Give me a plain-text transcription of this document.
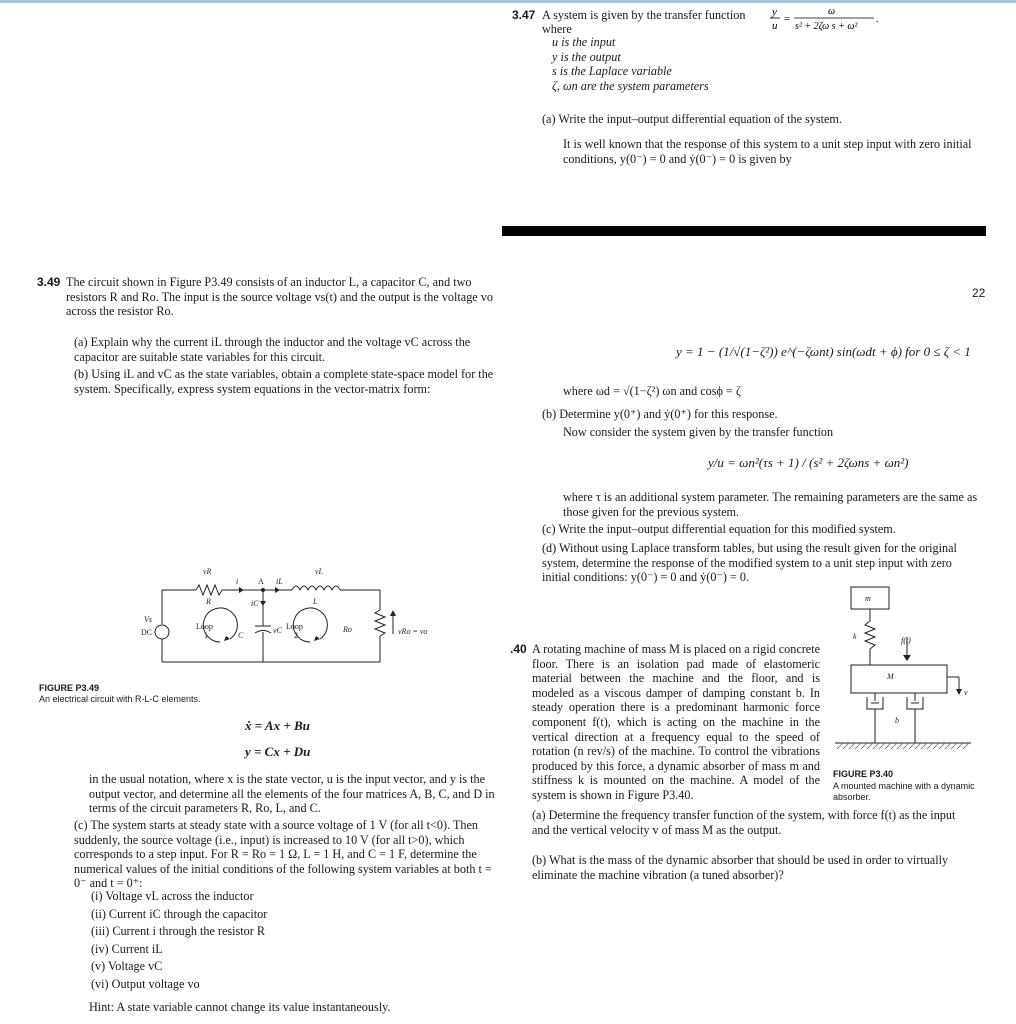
3.47 A system is given by the transfer function y
u
=
ω
s² + 2ζω s + ω²
.
where
u is the input
y is the output
s is the Laplace variable
ζ, ωn are the system parameters
(a) Write the input–output differential equation of the system.
It is well known that the response of this system to a unit step input with zero initial conditions, y(0⁻) = 0 and ẏ(0⁻) = 0 is given by
22
y = 1 − (1/√(1−ζ²)) e^(−ζωnt) sin(ωdt + ϕ) for 0 ≤ ζ < 1
where ωd = √(1−ζ²) ωn and cosϕ = ζ
(b) Determine y(0⁺) and ẏ(0⁺) for this response.
Now consider the system given by the transfer function
y/u = ωn²(τs + 1) / (s² + 2ζωns + ωn²)
where τ is an additional system parameter. The remaining parameters are the same as those given for the previous system.
(c) Write the input–output differential equation for this modified system.
(d) Without using Laplace transform tables, but using the result given for the original system, determine the response of the modified system to a unit step input with zero initial conditions: y(0⁻) = 0 and ẏ(0⁻) = 0.
3.49 The circuit shown in Figure P3.49 consists of an inductor L, a capacitor C, and two resistors R and Ro. The input is the source voltage vs(t) and the output is the voltage vo across the resistor Ro.
(a) Explain why the current iL through the inductor and the voltage vC across the capacitor are suitable state variables for this circuit.
(b) Using iL and vC as the state variables, obtain a complete state-space model for the system. Specifically, express system equations in the vector-matrix form:
vR
i A iL
vL
R	L
iC
Vs
DC
Loop
1	C
vC Loop
2
Ro	vRo = vo
FIGURE P3.49
An electrical circuit with R-L-C elements.
ẋ = Ax + Bu
y = Cx + Du
in the usual notation, where x is the state vector, u is the input vector, and y is the output vector, and determine all the elements of the four matrices A, B, C, and D in terms of the circuit parameters R, Ro, L, and C.
(c) The system starts at steady state with a source voltage of 1 V (for all t<0). Then suddenly, the source voltage (i.e., input) is increased to 10 V (for all t>0), which corresponds to a step input. For R = Ro = 1 Ω, L = 1 H, and C = 1 F, determine the numerical values of the initial conditions of the following system variables at both t = 0⁻ and t = 0⁺:
(i) Voltage vL across the inductor
(ii) Current iC through the capacitor
(iii) Current i through the resistor R
(iv) Current iL
(v) Voltage vC
(vi) Output voltage vo
Hint: A state variable cannot change its value instantaneously.
.40 A rotating machine of mass M is placed on a rigid concrete floor. There is an isolation pad made of elastomeric material between the machine and the floor, and is modeled as a viscous damper of damping constant b. In steady operation there is a predominant harmonic force component f(t), which is acting on the machine in the vertical direction at a frequency equal to the speed of rotation (n rev/s) of the machine. To control the vibrations produced by this force, a dynamic absorber of mass m and stiffness k is mounted on the machine. A model of the system is shown in Figure P3.40.
m
k	f(t)
M
v
b
FIGURE P3.40
A mounted machine with a dynamic absorber.
(a) Determine the frequency transfer function of the system, with force f(t) as the input and the vertical velocity v of mass M as the output.
(b) What is the mass of the dynamic absorber that should be used in order to virtually eliminate the machine vibration (a tuned absorber)?
